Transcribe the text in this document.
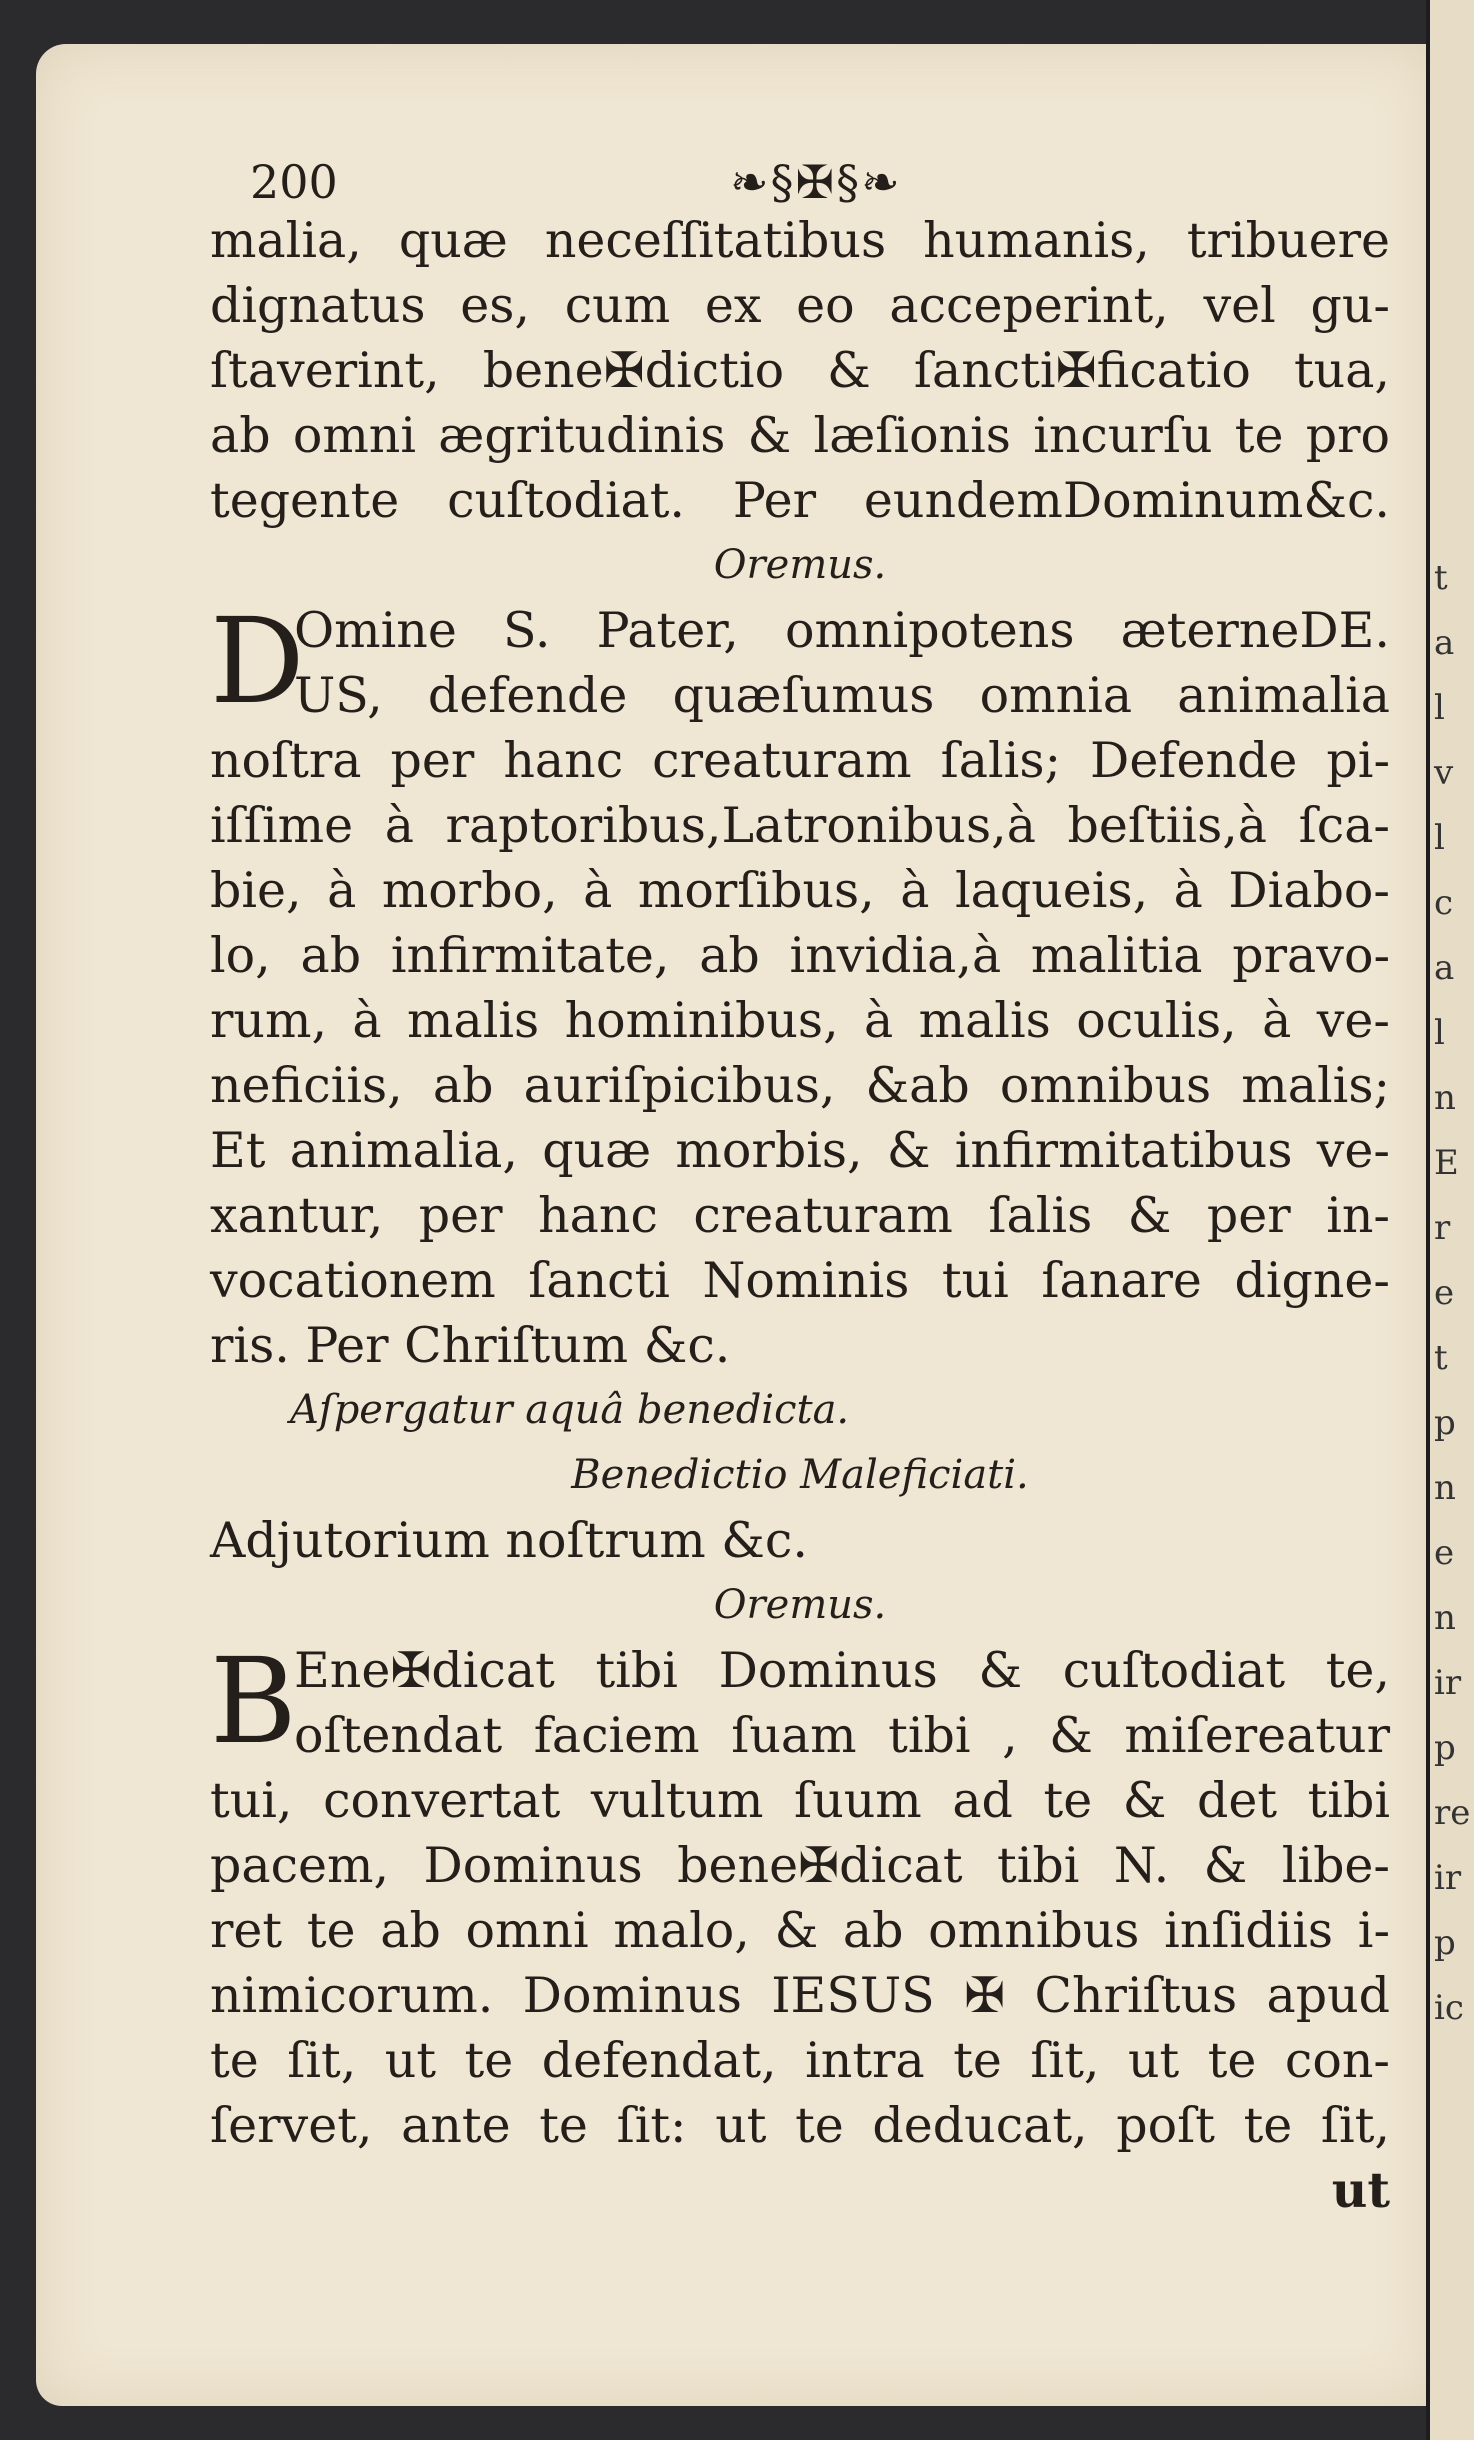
t
a
l
v
l
c
a
l
n
E
r
e
t
p
n
e
n
ir
p
re
ir
p
ic
200	❧§✠§❧
malia, quæ neceſſitatibus humanis, tribuere
dignatus es, cum ex eo acceperint, vel gu-
ſtaverint, bene✠dictio & ſancti✠ficatio tua,
ab omni ægritudinis & læſionis incurſu te pro
tegente cuſtodiat. Per eundemDominum&c.
Oremus.
D
Omine S. Pater, omnipotens æterneDE.
US, defende quæſumus omnia animalia
noſtra per hanc creaturam ſalis; Defende pi-
iſſime à raptoribus,Latronibus,à beſtiis,à ſca-
bie, à morbo, à morſibus, à laqueis, à Diabo-
lo, ab infirmitate, ab invidia,à malitia pravo-
rum, à malis hominibus, à malis oculis, à ve-
neficiis, ab auriſpicibus, &ab omnibus malis;
Et animalia, quæ morbis, & infirmitatibus ve-
xantur, per hanc creaturam ſalis & per in-
vocationem ſancti Nominis tui ſanare digne-
ris. Per Chriſtum &c.
Aſpergatur aquâ benedicta.
Benedictio Maleficiati.
Adjutorium noſtrum &c.
Oremus.
B
Ene✠dicat tibi Dominus & cuſtodiat te,
oſtendat faciem ſuam tibi , & miſereatur
tui, convertat vultum ſuum ad te & det tibi
pacem, Dominus bene✠dicat tibi N. & libe-
ret te ab omni malo, & ab omnibus inſidiis i-
nimicorum. Dominus IESUS ✠ Chriſtus apud
te ſit, ut te defendat, intra te ſit, ut te con-
ſervet, ante te ſit: ut te deducat, poſt te ſit,
ut
